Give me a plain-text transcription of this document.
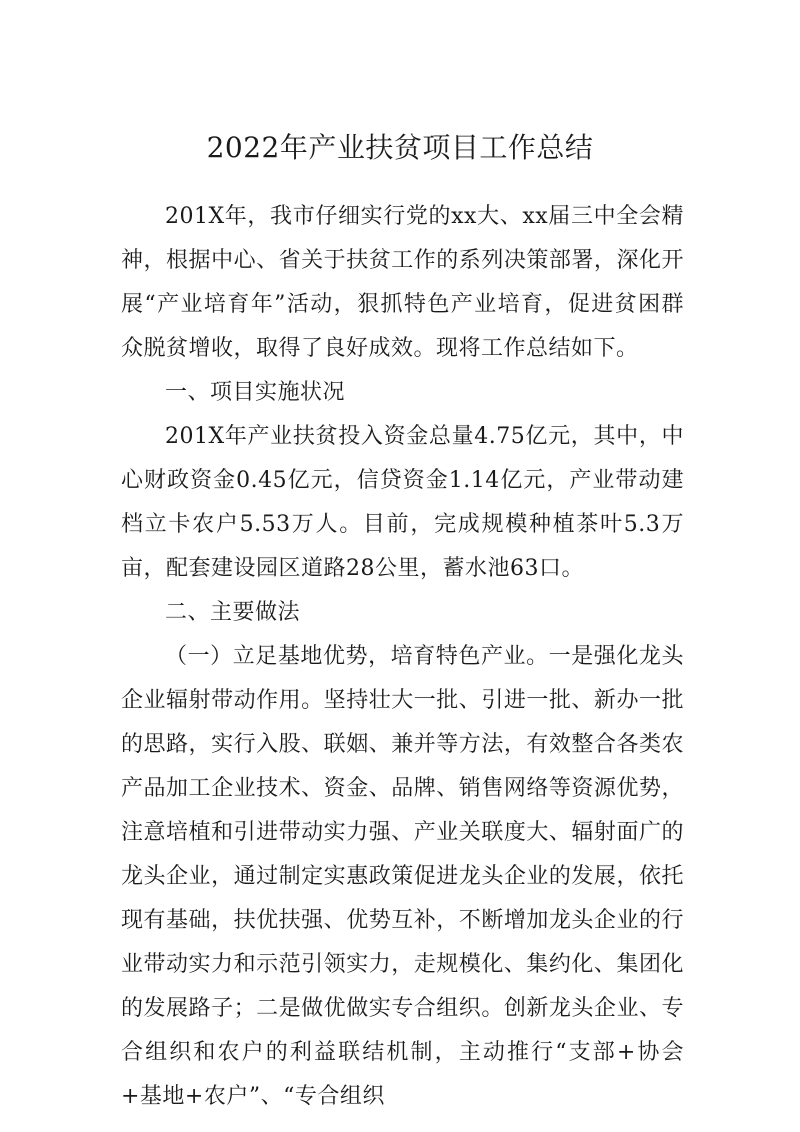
2022年产业扶贫项目工作总结

201X年，我市仔细实行党的xx大、xx届三中全会精神，根据中心、省关于扶贫工作的系列决策部署，深化开展“产业培育年”活动，狠抓特色产业培育，促进贫困群众脱贫增收，取得了良好成效。现将工作总结如下。

一、项目实施状况

201X年产业扶贫投入资金总量4.75亿元，其中，中心财政资金0.45亿元，信贷资金1.14亿元，产业带动建档立卡农户5.53万人。目前，完成规模种植茶叶5.3万亩，配套建设园区道路28公里，蓄水池63口。

二、主要做法

（一）立足基地优势，培育特色产业。一是强化龙头企业辐射带动作用。坚持壮大一批、引进一批、新办一批的思路，实行入股、联姻、兼并等方法，有效整合各类农产品加工企业技术、资金、品牌、销售网络等资源优势，注意培植和引进带动实力强、产业关联度大、辐射面广的龙头企业，通过制定实惠政策促进龙头企业的发展，依托现有基础，扶优扶强、优势互补，不断增加龙头企业的行业带动实力和示范引领实力，走规模化、集约化、集团化的发展路子；二是做优做实专合组织。创新龙头企业、专合组织和农户的利益联结机制，主动推行“支部+协会+基地+农户”、“专合组织
